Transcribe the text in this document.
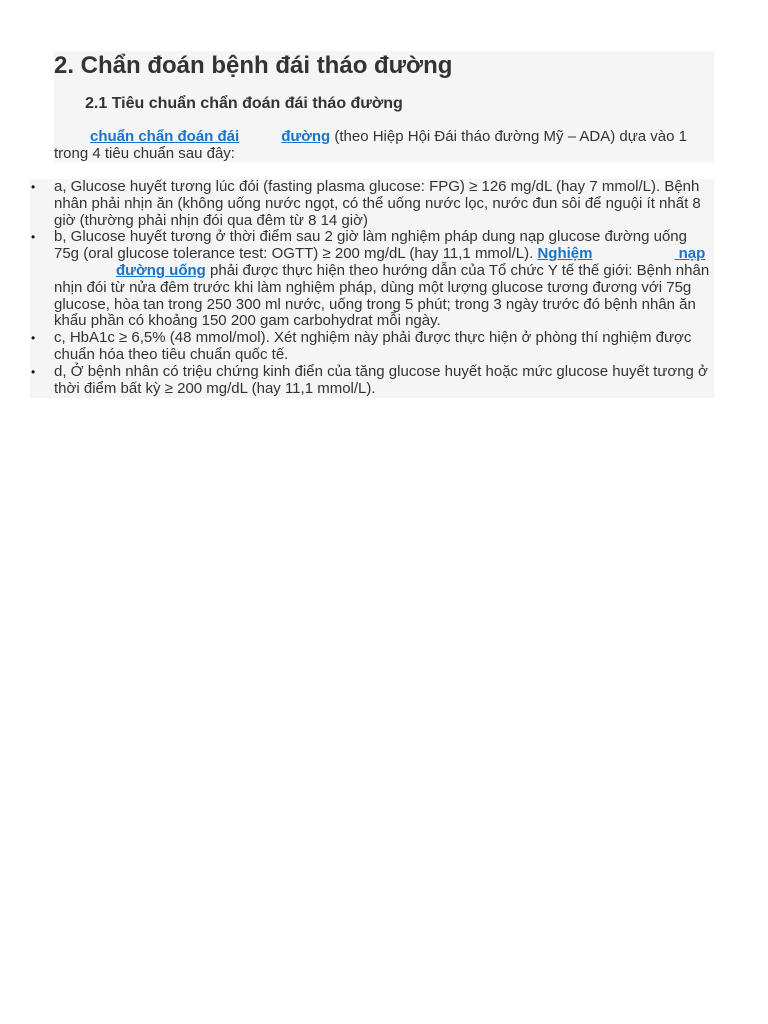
2. Chẩn đoán bệnh đái tháo đường
2.1 Tiêu chuẩn chẩn đoán đái tháo đường

chuẩn chẩn đoán đái	đường (theo Hiệp Hội Đái tháo đường Mỹ – ADA) dựa vào 1 trong 4 tiêu chuẩn sau đây:

• a, Glucose huyết tương lúc đói (fasting plasma glucose: FPG) ≥ 126 mg/dL (hay 7 mmol/L). Bệnh nhân phải nhịn ăn (không uống nước ngọt, có thể uống nước lọc, nước đun sôi để nguội ít nhất 8 giờ (thường phải nhịn đói qua đêm từ 8 14 giờ)
• b, Glucose huyết tương ở thời điểm sau 2 giờ làm nghiệm pháp dung nạp glucose đường uống 75g (oral glucose tolerance test: OGTT) ≥ 200 mg/dL (hay 11,1 mmol/L). Nghiệm	nạpđường uống phải được thực hiện theo hướng dẫn của Tổ chức Y tế thế giới: Bệnh nhân nhịn đói từ nửa đêm trước khi làm nghiệm pháp, dùng một lượng glucose tương đương với 75g glucose, hòa tan trong 250 300 ml nước, uống trong 5 phút; trong 3 ngày trước đó bệnh nhân ăn khẩu phần có khoảng 150 200 gam carbohydrat mỗi ngày.
• c, HbA1c ≥ 6,5% (48 mmol/mol). Xét nghiệm này phải được thực hiện ở phòng thí nghiệm được chuẩn hóa theo tiêu chuẩn quốc tế.
• d, Ở bệnh nhân có triệu chứng kinh điển của tăng glucose huyết hoặc mức glucose huyết tương ở thời điểm bất kỳ ≥ 200 mg/dL (hay 11,1 mmol/L).
